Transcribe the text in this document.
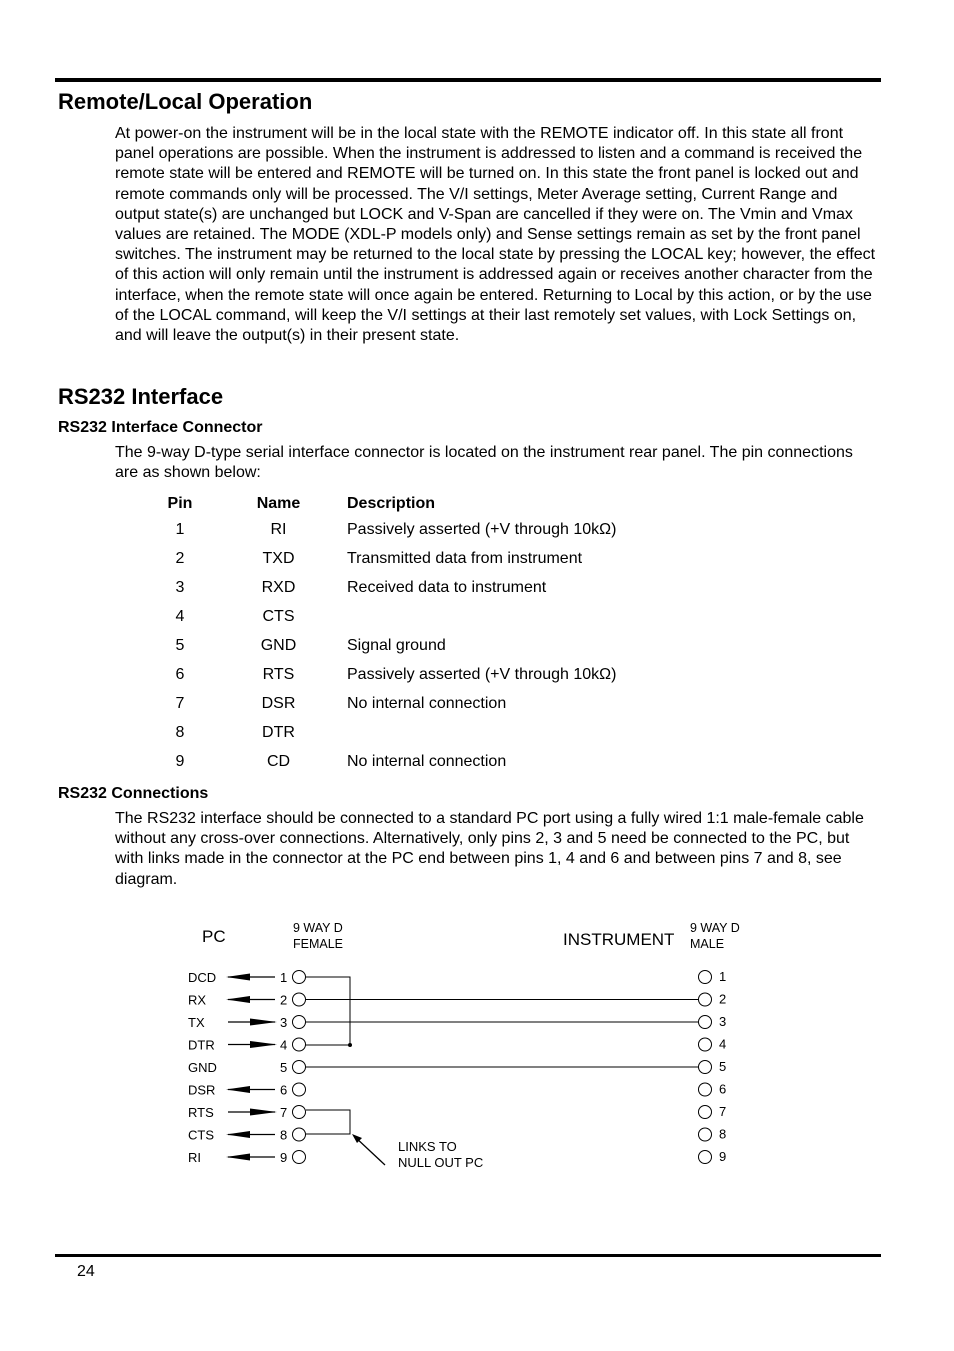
Remote/Local Operation

At power-on the instrument will be in the local state with the REMOTE indicator off. In this state all front panel operations are possible. When the instrument is addressed to listen and a command is received the remote state will be entered and REMOTE will be turned on. In this state the front panel is locked out and remote commands only will be processed. The V/I settings, Meter Average setting, Current Range and output state(s) are unchanged but LOCK and V-Span are cancelled if they were on. The Vmin and Vmax values are retained. The MODE (XDL-P models only) and Sense settings remain as set by the front panel switches. The instrument may be returned to the local state by pressing the LOCAL key; however, the effect of this action will only remain until the instrument is addressed again or receives another character from the interface, when the remote state will once again be entered. Returning to Local by this action, or by the use of the LOCAL command, will keep the V/I settings at their last remotely set values, with Lock Settings on, and will leave the output(s) in their present state.

RS232 Interface
RS232 Interface Connector

The 9-way D-type serial interface connector is located on the instrument rear panel. The pin connections are as shown below:

Pin	Name	Description
1	RI	Passively asserted (+V through 10kΩ)
2	TXD	Transmitted data from instrument
3	RXD	Received data to instrument
4	CTS	
5	GND	Signal ground
6	RTS	Passively asserted (+V through 10kΩ)
7	DSR	No internal connection
8	DTR	
9	CD	No internal connection
RS232 Connections

The RS232 interface should be connected to a standard PC port using a fully wired 1:1 male-female cable without any cross-over connections. Alternatively, only pins 2, 3 and 5 need be connected to the PC, but with links made in the connector at the PC end between pins 1, 4 and 6 and between pins 7 and 8, see diagram.

PC	9 WAY D
FEMALE	INSTRUMENT
9 WAY D
MALE
DCD	1	1
RX	2	2
TX	3	3
DTR	4	4
GND	5	5
DSR	6	6
RTS	7	7
CTS	8	8
RI	9	9
LINKS TO
NULL OUT PC
24
